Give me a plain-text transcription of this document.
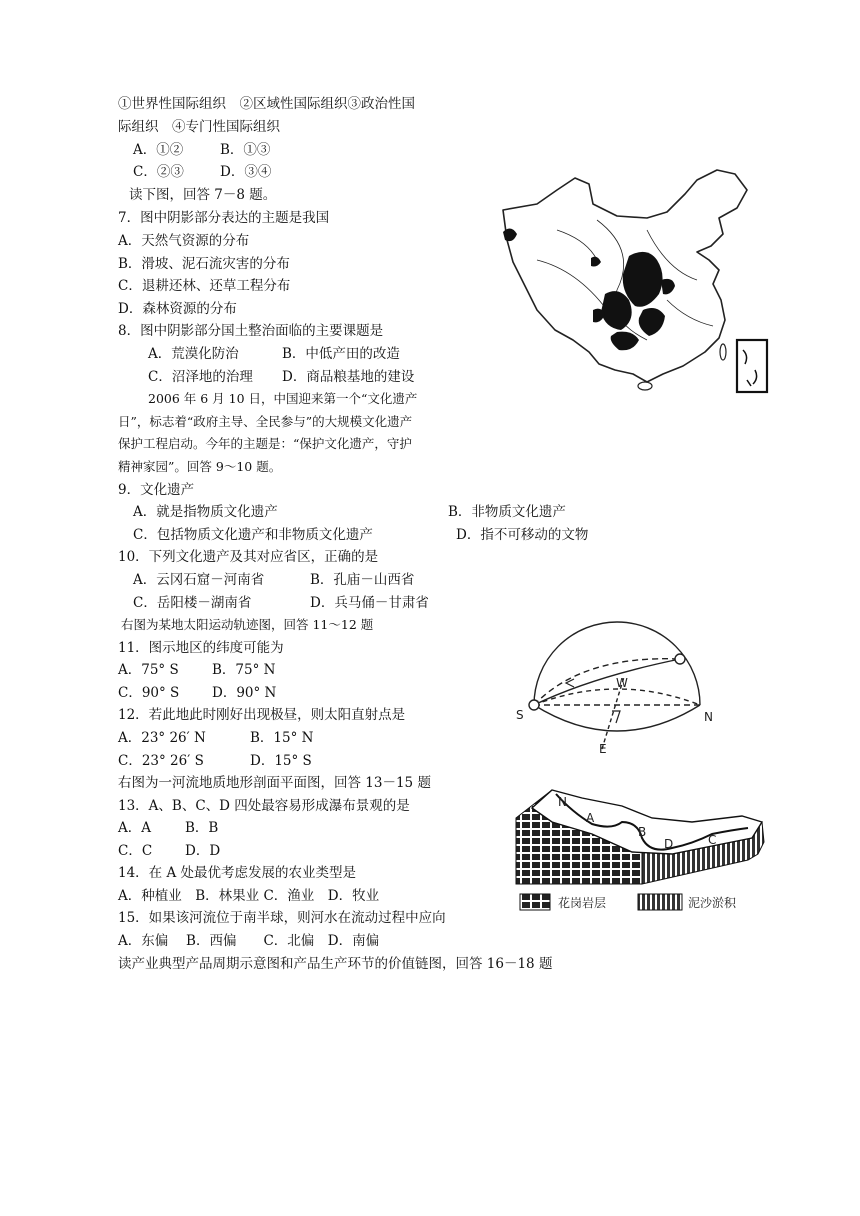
①世界性国际组织　②区域性国际组织③政治性国
际组织　④专门性国际组织
A．①②	B．①③
C．②③	D．③④
读下图，回答 7－8 题。
7．图中阴影部分表达的主题是我国
A．天然气资源的分布
B．滑坡、泥石流灾害的分布
C．退耕还林、还草工程分布
D．森林资源的分布
8．图中阴影部分国土整治面临的主要课题是
A．荒漠化防治	B．中低产田的改造
C．沼泽地的治理 D．商品粮基地的建设
2006 年 6 月 10 日，中国迎来第一个“文化遗产
日”，标志着“政府主导、全民参与”的大规模文化遗产
保护工程启动。今年的主题是：“保护文化遗产，守护
精神家园”。回答 9～10 题。
9．文化遗产
A．就是指物质文化遗产	B．非物质文化遗产
C．包括物质文化遗产和非物质文化遗产	D．指不可移动的文物
10．下列文化遗产及其对应省区，正确的是
A．云冈石窟－河南省	B．孔庙－山西省
C．岳阳楼－湖南省	D．兵马俑－甘肃省
右图为某地太阳运动轨迹图，回答 11～12 题
11．图示地区的纬度可能为
A．75° S B．75° N
C．90° S D．90° N
12．若此地此时刚好出现极昼，则太阳直射点是
A．23° 26′ N	B．15° N
C．23° 26′ S	D．15° S
右图为一河流地质地形剖面平面图，回答 13－15 题
13．A、B、C、D 四处最容易形成瀑布景观的是
A．A	B．B
C．C D．D
14．在 A 处最优考虑发展的农业类型是
A．种植业　B．林果业 C．渔业　D．牧业
15．如果该河流位于南半球，则河水在流动过程中应向
A．东偏　 B．西偏　　C．北偏　D．南偏
读产业典型产品周期示意图和产品生产环节的价值链图，回答 16－18 题
S	N
W
E
N
A
B
C
D
花岗岩层	泥沙淤积
